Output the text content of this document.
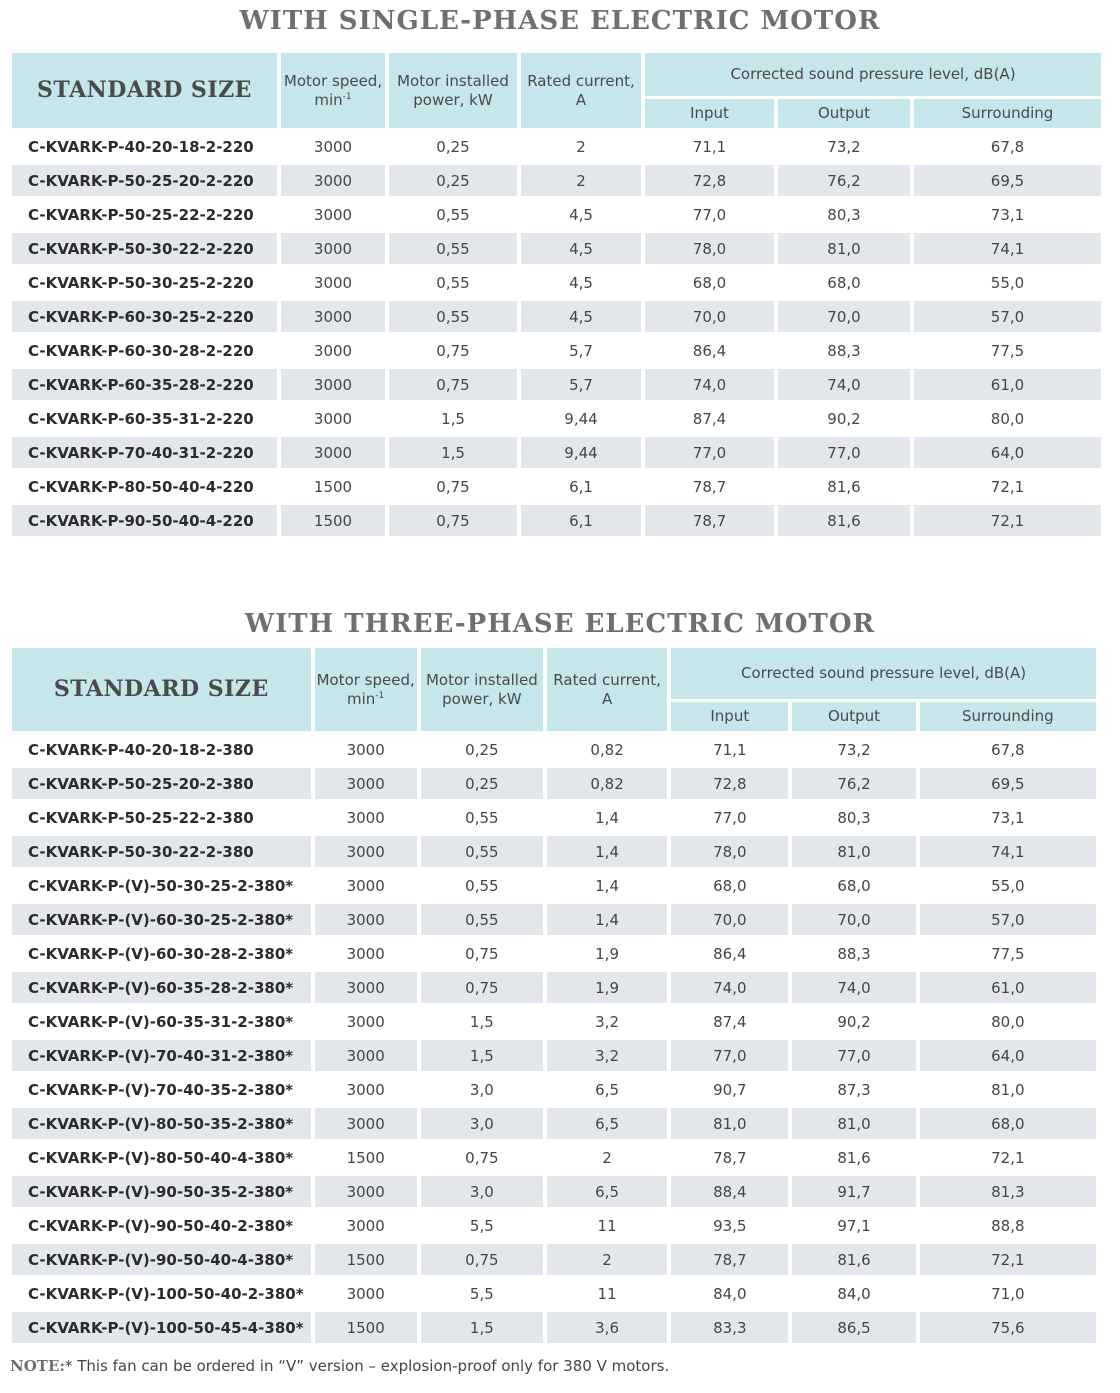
WITH SINGLE-PHASE ELECTRIC MOTOR
STANDARD SIZE	Motor speed, $\min^{-1}$	Motor installed power, kW	Rated current, A	Corrected sound pressure level, dB(A)		
				Input	Output	Surrounding
C-KVARK-P-40-20-18-2-220	3000	0,25	2	71,1	73,2	67,8
C-KVARK-P-50-25-20-2-220	3000	0,25	2	72,8	76,2	69,5
C-KVARK-P-50-25-22-2-220	3000	0,55	4,5	77,0	80,3	73,1
C-KVARK-P-50-30-22-2-220	3000	0,55	4,5	78,0	81,0	74,1
C-KVARK-P-50-30-25-2-220	3000	0,55	4,5	68,0	68,0	55,0
C-KVARK-P-60-30-25-2-220	3000	0,55	4,5	70,0	70,0	57,0
C-KVARK-P-60-30-28-2-220	3000	0,75	5,7	86,4	88,3	77,5
C-KVARK-P-60-35-28-2-220	3000	0,75	5,7	74,0	74,0	61,0
C-KVARK-P-60-35-31-2-220	3000	1,5	9,44	87,4	90,2	80,0
C-KVARK-P-70-40-31-2-220	3000	1,5	9,44	77,0	77,0	64,0
C-KVARK-P-80-50-40-4-220	1500	0,75	6,1	78,7	81,6	72,1
C-KVARK-P-90-50-40-4-220	1500	0,75	6,1	78,7	81,6	72,1
WITH THREE-PHASE ELECTRIC MOTOR
STANDARD SIZE	Motor speed, $\min^{-1}$	Motor installed power, kW	Rated current, A	Corrected sound pressure level, dB(A)		
				Input	Output	Surrounding
C-KVARK-P-40-20-18-2-380	3000	0,25	0,82	71,1	73,2	67,8
C-KVARK-P-50-25-20-2-380	3000	0,25	0,82	72,8	76,2	69,5
C-KVARK-P-50-25-22-2-380	3000	0,55	1,4	77,0	80,3	73,1
C-KVARK-P-50-30-22-2-380	3000	0,55	1,4	78,0	81,0	74,1
C-KVARK-P-(V)-50-30-25-2-380*	3000	0,55	1,4	68,0	68,0	55,0
C-KVARK-P-(V)-60-30-25-2-380*	3000	0,55	1,4	70,0	70,0	57,0
C-KVARK-P-(V)-60-30-28-2-380*	3000	0,75	1,9	86,4	88,3	77,5
C-KVARK-P-(V)-60-35-28-2-380*	3000	0,75	1,9	74,0	74,0	61,0
C-KVARK-P-(V)-60-35-31-2-380*	3000	1,5	3,2	87,4	90,2	80,0
C-KVARK-P-(V)-70-40-31-2-380*	3000	1,5	3,2	77,0	77,0	64,0
C-KVARK-P-(V)-70-40-35-2-380*	3000	3,0	6,5	90,7	87,3	81,0
C-KVARK-P-(V)-80-50-35-2-380*	3000	3,0	6,5	81,0	81,0	68,0
C-KVARK-P-(V)-80-50-40-4-380*	1500	0,75	2	78,7	81,6	72,1
C-KVARK-P-(V)-90-50-35-2-380*	3000	3,0	6,5	88,4	91,7	81,3
C-KVARK-P-(V)-90-50-40-2-380*	3000	5,5	11	93,5	97,1	88,8
C-KVARK-P-(V)-90-50-40-4-380*	1500	0,75	2	78,7	81,6	72,1
C-KVARK-P-(V)-100-50-40-2-380*	3000	5,5	11	84,0	84,0	71,0
C-KVARK-P-(V)-100-50-45-4-380*	1500	1,5	3,6	83,3	86,5	75,6
NOTE:* This fan can be ordered in “V” version – explosion-proof only for 380 V motors.
